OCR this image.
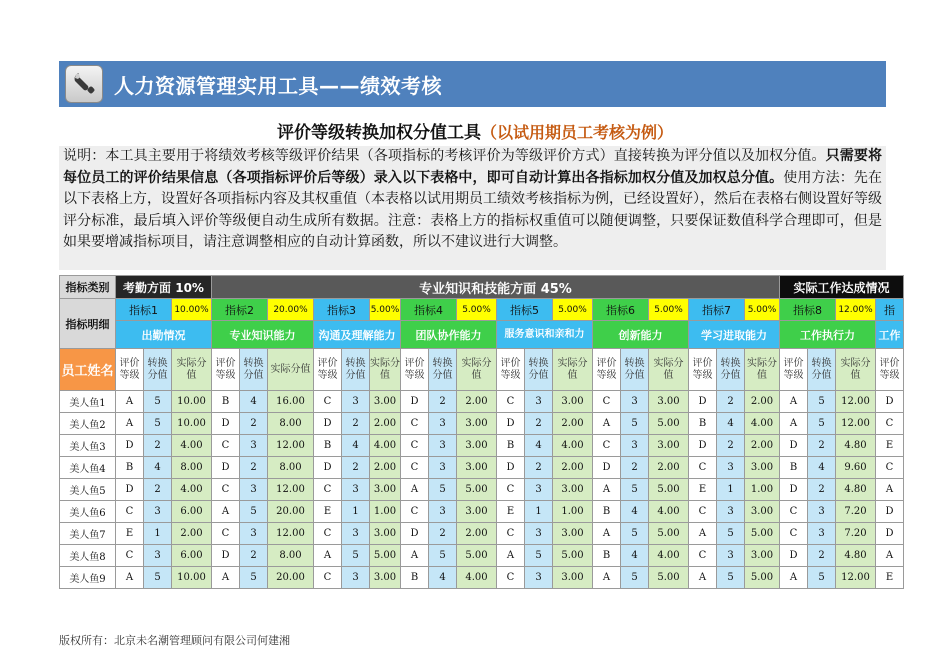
人力资源管理实用工具——绩效考核
评价等级转换加权分值工具（以试用期员工考核为例）
说明：本工具主要用于将绩效考核等级评价结果（各项指标的考核评价为等级评价方式）直接转换为评分值以及加权分值。只需要将每位员工的评价结果信息（各项指标评价后等级）录入以下表格中，即可自动计算出各指标加权分值及加权总分值。使用方法：先在以下表格上方，设置好各项指标内容及其权重值（本表格以试用期员工绩效考核指标为例，已经设置好），然后在表格右侧设置好等级评分标准，最后填入评价等级便自动生成所有数据。注意：表格上方的指标权重值可以随便调整，只要保证数值科学合理即可，但是如果要增减指标项目，请注意调整相应的自动计算函数，所以不建议进行大调整。
指标类别	考勤方面 10%			专业知识和技能方面 45%																		实际工作达成情况			
指标明细	指标1		10.00%	指标2		20.00%	指标3		5.00%	指标4		5.00%	指标5		5.00%	指标6		5.00%	指标7		5.00%	指标8		12.00%	指
	出勤情况			专业知识能力			沟通及理解能力			团队协作能力			服务意识和亲和力			创新能力			学习进取能力			工作执行力			工作
员工姓名	评价等级	转换分值	实际分值	评价等级	转换分值	实际分值	评价等级	转换分值	实际分值	评价等级	转换分值	实际分值	评价等级	转换分值	实际分值	评价等级	转换分值	实际分值	评价等级	转换分值	实际分值	评价等级	转换分值	实际分值	评价等级
美人鱼1	A	5	10.00	B	4	16.00	C	3	3.00	D	2	2.00	C	3	3.00	C	3	3.00	D	2	2.00	A	5	12.00	D
美人鱼2	A	5	10.00	D	2	8.00	D	2	2.00	C	3	3.00	D	2	2.00	A	5	5.00	B	4	4.00	A	5	12.00	C
美人鱼3	D	2	4.00	C	3	12.00	B	4	4.00	C	3	3.00	B	4	4.00	C	3	3.00	D	2	2.00	D	2	4.80	E
美人鱼4	B	4	8.00	D	2	8.00	D	2	2.00	C	3	3.00	D	2	2.00	D	2	2.00	C	3	3.00	B	4	9.60	C
美人鱼5	D	2	4.00	C	3	12.00	C	3	3.00	A	5	5.00	C	3	3.00	A	5	5.00	E	1	1.00	D	2	4.80	A
美人鱼6	C	3	6.00	A	5	20.00	E	1	1.00	C	3	3.00	E	1	1.00	B	4	4.00	C	3	3.00	C	3	7.20	D
美人鱼7	E	1	2.00	C	3	12.00	C	3	3.00	D	2	2.00	C	3	3.00	A	5	5.00	A	5	5.00	C	3	7.20	D
美人鱼8	C	3	6.00	D	2	8.00	A	5	5.00	A	5	5.00	A	5	5.00	B	4	4.00	C	3	3.00	D	2	4.80	A
美人鱼9	A	5	10.00	A	5	20.00	C	3	3.00	B	4	4.00	C	3	3.00	A	5	5.00	A	5	5.00	A	5	12.00	E
版权所有：北京未名潮管理顾问有限公司何建湘
